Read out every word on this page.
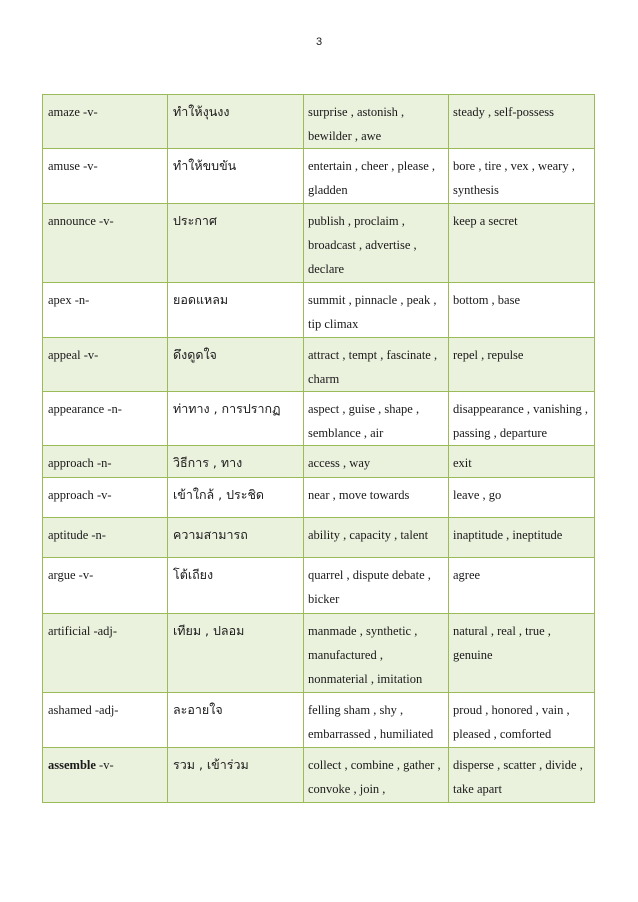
3
amaze -v-	ทำให้งุนงง	surprise , astonish , bewilder , awe	steady , self-possess
amuse -v-	ทำให้ขบขัน	entertain , cheer , please , gladden	bore , tire , vex , weary , synthesis
announce -v-	ประกาศ	publish , proclaim , broadcast , advertise , declare	keep a secret
apex -n-	ยอดแหลม	summit , pinnacle , peak , tip climax	bottom , base
appeal -v-	ดึงดูดใจ	attract , tempt , fascinate , charm	repel , repulse
appearance -n-	ท่าทาง , การปรากฏ	aspect , guise , shape , semblance , air	disappearance , vanishing , passing , departure
approach -n-	วิธีการ , ทาง	access , way	exit
approach -v-	เข้าใกล้ , ประชิด	near , move towards	leave , go
aptitude -n-	ความสามารถ	ability , capacity , talent	inaptitude , ineptitude
argue -v-	โต้เถียง	quarrel , dispute debate , bicker	agree
artificial -adj-	เทียม , ปลอม	manmade , synthetic , manufactured , nonmaterial , imitation	natural , real , true , genuine
ashamed -adj-	ละอายใจ	felling sham , shy , embarrassed , humiliated	proud , honored , vain , pleased , comforted
assemble -v-	รวม , เข้าร่วม	collect , combine , gather , convoke , join ,	disperse , scatter , divide , take apart
